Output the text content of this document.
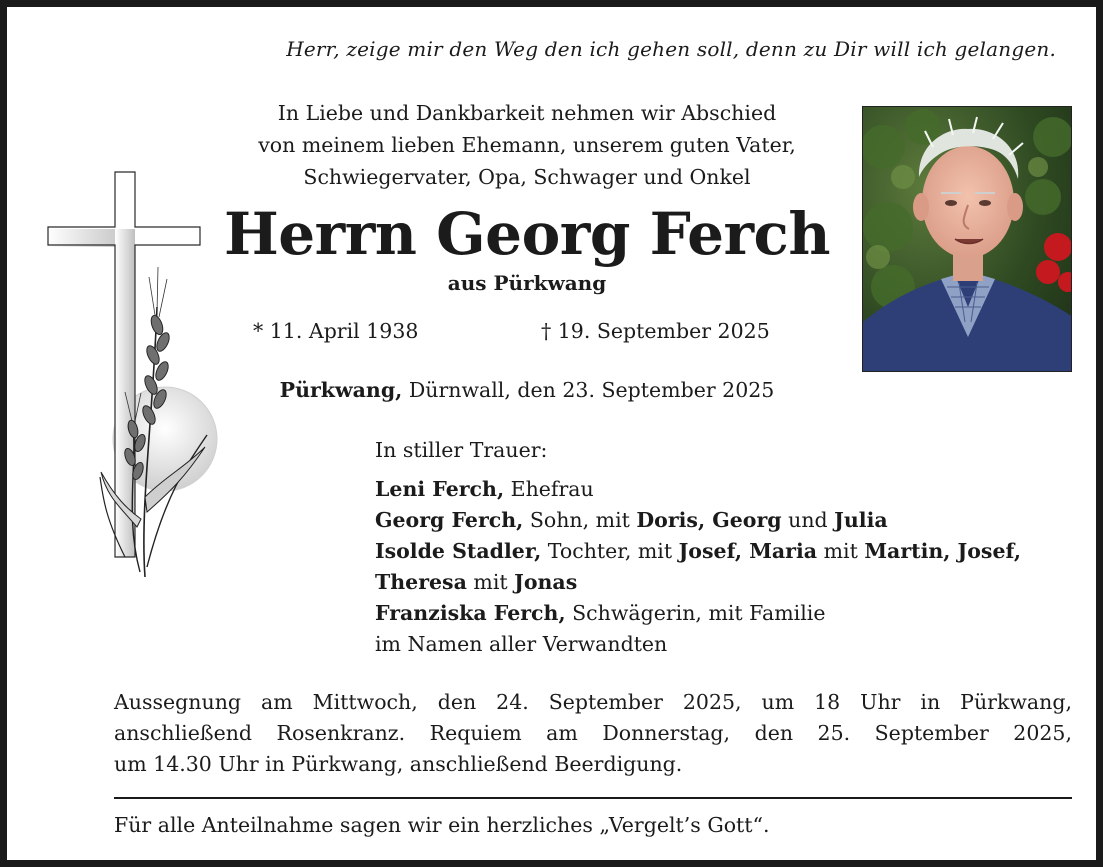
Herr, zeige mir den Weg den ich gehen soll, denn zu Dir will ich gelangen.
In Liebe und Dankbarkeit nehmen wir Abschied
von meinem lieben Ehemann, unserem guten Vater,
Schwiegervater, Opa, Schwager und Onkel
Herrn Georg Ferch
aus Pürkwang
* 11. April 1938	† 19. September 2025
Pürkwang, Dürnwall, den 23. September 2025
In stiller Trauer:
Leni Ferch, Ehefrau
Georg Ferch, Sohn, mit Doris, Georg und Julia
Isolde Stadler, Tochter, mit Josef, Maria mit Martin, Josef,
Theresa mit Jonas
Franziska Ferch, Schwägerin, mit Familie
im Namen aller Verwandten
Aussegnung am Mittwoch, den 24. September 2025, um 18 Uhr in Pürkwang,
anschließend Rosenkranz. Requiem am Donnerstag, den 25. September 2025,
um 14.30 Uhr in Pürkwang, anschließend Beerdigung.
Für alle Anteilnahme sagen wir ein herzliches „Vergelt’s Gott“.
